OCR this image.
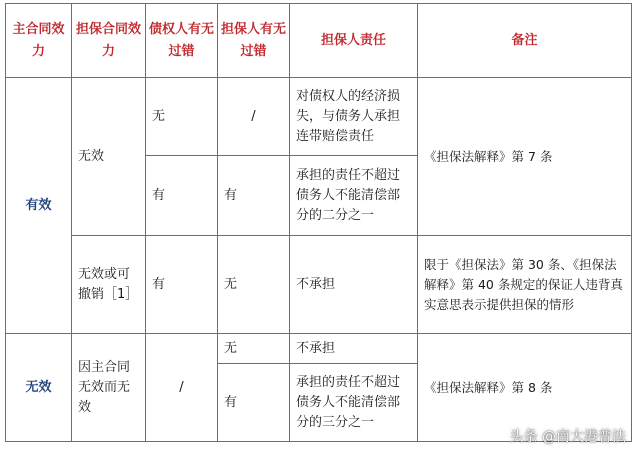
主合同效力	担保合同效力	债权人有无过错	担保人有无过错	担保人责任	备注
有效	无效	无	/	对债权人的经济损失，与债务人承担连带赔偿责任	《担保法解释》第 7 条
		有	有	承担的责任不超过债务人不能清偿部分的二分之一	
	无效或可撤销［1］	有	无	不承担	限于《担保法》第 30 条、《担保法解释》第 40 条规定的保证人违背真实意思表示提供担保的情形
无效	因主合同无效而无效	/	无	不承担	《担保法解释》第 8 条
			有	承担的责任不超过债务人不能清偿部分的三分之一	
头条 @南大港普法
